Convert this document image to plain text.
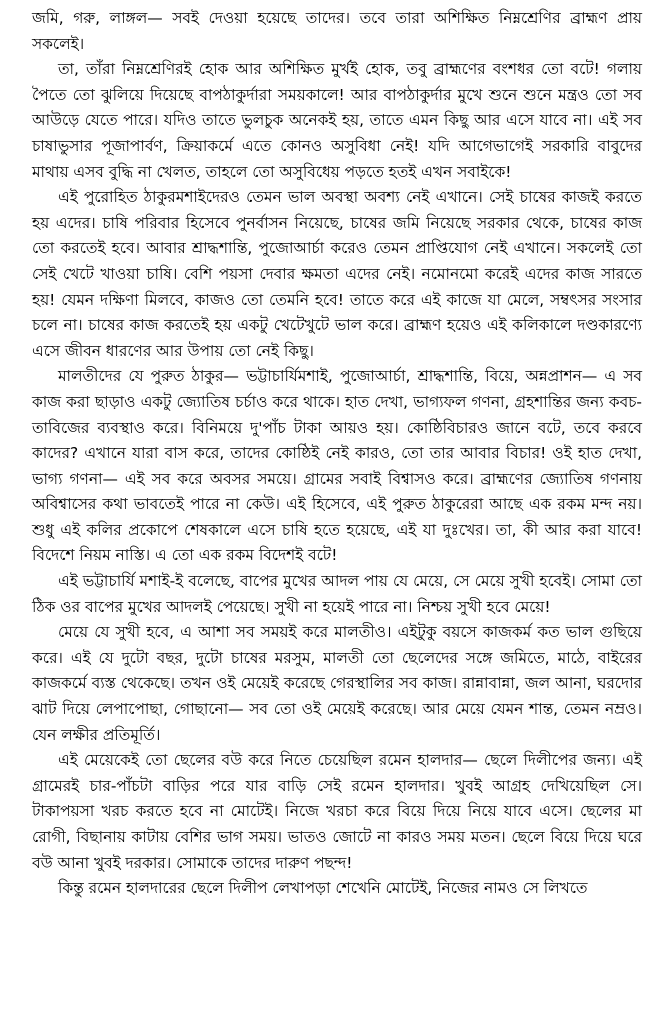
জমি, গরু, লাঙ্গল— সবই দেওয়া হয়েছে তাদের। তবে তারা অশিক্ষিত নিম্নশ্রেণির ব্রাহ্মণ প্রায় সকলেই।

তা, তাঁরা নিম্নশ্রেণিরই হোক আর অশিক্ষিত মুর্খই হোক, তবু ব্রাহ্মণের বংশধর তো বটে! গলায় পৈতে তো ঝুলিয়ে দিয়েছে বাপঠাকুর্দারা সময়কালে! আর বাপঠাকুর্দার মুখে শুনে শুনে মন্ত্রও তো সব আউড়ে যেতে পারে। যদিও তাতে ভুলচুক অনেকই হয়, তাতে এমন কিছু আর এসে যাবে না। এই সব চাষাভুসার পূজাপার্বণ, ক্রিয়াকর্মে এতে কোনও অসুবিধা নেই! যদি আগেভাগেই সরকারি বাবুদের মাথায় এসব বুদ্ধি না খেলত, তাহলে তো অসুবিধেয় পড়তে হতই এখন সবাইকে!

এই পুরোহিত ঠাকুরমশাইদেরও তেমন ভাল অবস্থা অবশ্য নেই এখানে। সেই চাষের কাজই করতে হয় এদের। চাষি পরিবার হিসেবে পুনর্বাসন নিয়েছে, চাষের জমি নিয়েছে সরকার থেকে, চাষের কাজ তো করতেই হবে। আবার শ্রাদ্ধশান্তি, পুজোআর্চা করেও তেমন প্রাপ্তিযোগ নেই এখানে। সকলেই তো সেই খেটে খাওয়া চাষি। বেশি পয়সা দেবার ক্ষমতা এদের নেই। নমোনমো করেই এদের কাজ সারতে হয়! যেমন দক্ষিণা মিলবে, কাজও তো তেমনি হবে! তাতে করে এই কাজে যা মেলে, সম্বৎসর সংসার চলে না। চাষের কাজ করতেই হয় একটু খেটেখুটে ভাল করে। ব্রাহ্মণ হয়েও এই কলিকালে দণ্ডকারণ্যে এসে জীবন ধারণের আর উপায় তো নেই কিছু।

মালতীদের যে পুরুত ঠাকুর— ভট্টাচার্যিমশাই, পুজোআর্চা, শ্রাদ্ধশান্তি, বিয়ে, অন্নপ্রাশন— এ সব কাজ করা ছাড়াও একটু জ্যোতিষ চর্চাও করে থাকে। হাত দেখা, ভাগ্যফল গণনা, গ্রহশান্তির জন্য কবচ-তাবিজের ব্যবস্থাও করে। বিনিময়ে দু'পাঁচ টাকা আয়ও হয়। কোষ্ঠিবিচারও জানে বটে, তবে করবে কাদের? এখানে যারা বাস করে, তাদের কোষ্ঠিই নেই কারও, তো তার আবার বিচার! ওই হাত দেখা, ভাগ্য গণনা— এই সব করে অবসর সময়ে। গ্রামের সবাই বিশ্বাসও করে। ব্রাহ্মণের জ্যোতিষ গণনায় অবিশ্বাসের কথা ভাবতেই পারে না কেউ। এই হিসেবে, এই পুরুত ঠাকুরেরা আছে এক রকম মন্দ নয়। শুধু এই কলির প্রকোপে শেষকালে এসে চাষি হতে হয়েছে, এই যা দুঃখের। তা, কী আর করা যাবে! বিদেশে নিয়ম নাস্তি। এ তো এক রকম বিদেশই বটে!

এই ভট্টাচার্যি মশাই-ই বলেছে, বাপের মুখের আদল পায় যে মেয়ে, সে মেয়ে সুখী হবেই। সোমা তো ঠিক ওর বাপের মুখের আদলই পেয়েছে। সুখী না হয়েই পারে না। নিশ্চয় সুখী হবে মেয়ে!

মেয়ে যে সুখী হবে, এ আশা সব সময়ই করে মালতীও। এইটুকু বয়সে কাজকর্ম কত ভাল গুছিয়ে করে। এই যে দুটো বছর, দুটো চাষের মরসুম, মালতী তো ছেলেদের সঙ্গে জমিতে, মাঠে, বাইরের কাজকর্মে ব্যস্ত থেকেছে। তখন ওই মেয়েই করেছে গেরস্থালির সব কাজ। রান্নাবান্না, জল আনা, ঘরদোর ঝাট দিয়ে লেপাপোছা, গোছানো— সব তো ওই মেয়েই করেছে। আর মেয়ে যেমন শান্ত, তেমন নম্রও। যেন লক্ষীর প্রতিমূর্তি।

এই মেয়েকেই তো ছেলের বউ করে নিতে চেয়েছিল রমেন হালদার— ছেলে দিলীপের জন্য। এই গ্রামেরই চার-পাঁচটা বাড়ির পরে যার বাড়ি সেই রমেন হালদার। খুবই আগ্রহ দেখিয়েছিল সে। টাকাপয়সা খরচ করতে হবে না মোটেই। নিজে খরচা করে বিয়ে দিয়ে নিয়ে যাবে এসে। ছেলের মা রোগী, বিছানায় কাটায় বেশির ভাগ সময়। ভাতও জোটে না কারও সময় মতন। ছেলে বিয়ে দিয়ে ঘরে বউ আনা খুবই দরকার। সোমাকে তাদের দারুণ পছন্দ!

কিন্তু রমেন হালদারের ছেলে দিলীপ লেখাপড়া শেখেনি মোটেই, নিজের নামও সে লিখতে
